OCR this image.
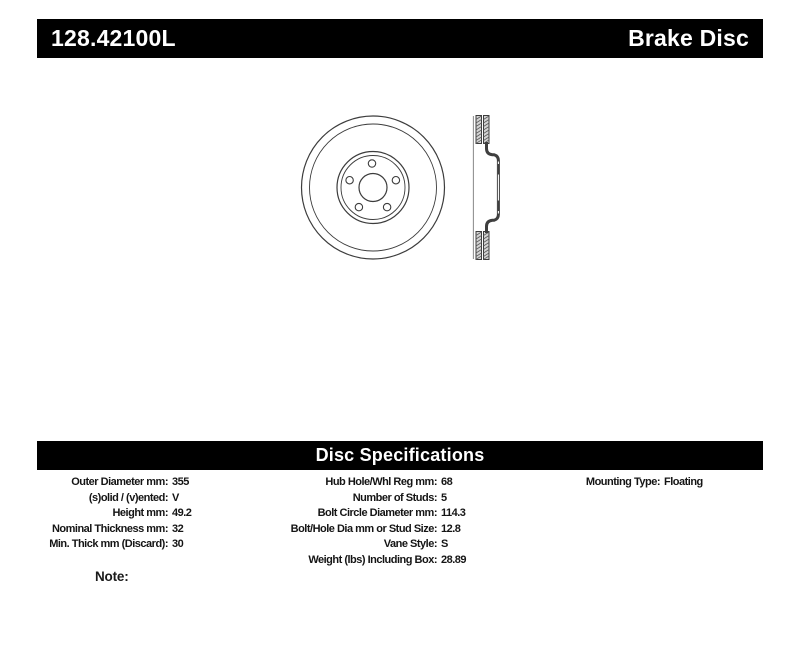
128.42100L	Brake Disc
Disc Specifications
Outer Diameter mm : 355
(s)olid / (v)ented : V
Height mm : 49.2
Nominal Thickness mm : 32
Min. Thick mm (Discard) : 30
Hub Hole/Whl Reg mm : 68
Number of Studs : 5
Bolt Circle Diameter mm : 114.3
Bolt/Hole Dia mm or Stud Size : 12.8
Vane Style : S
Weight (lbs) Including Box : 28.89
Mounting Type : Floating
Note:
